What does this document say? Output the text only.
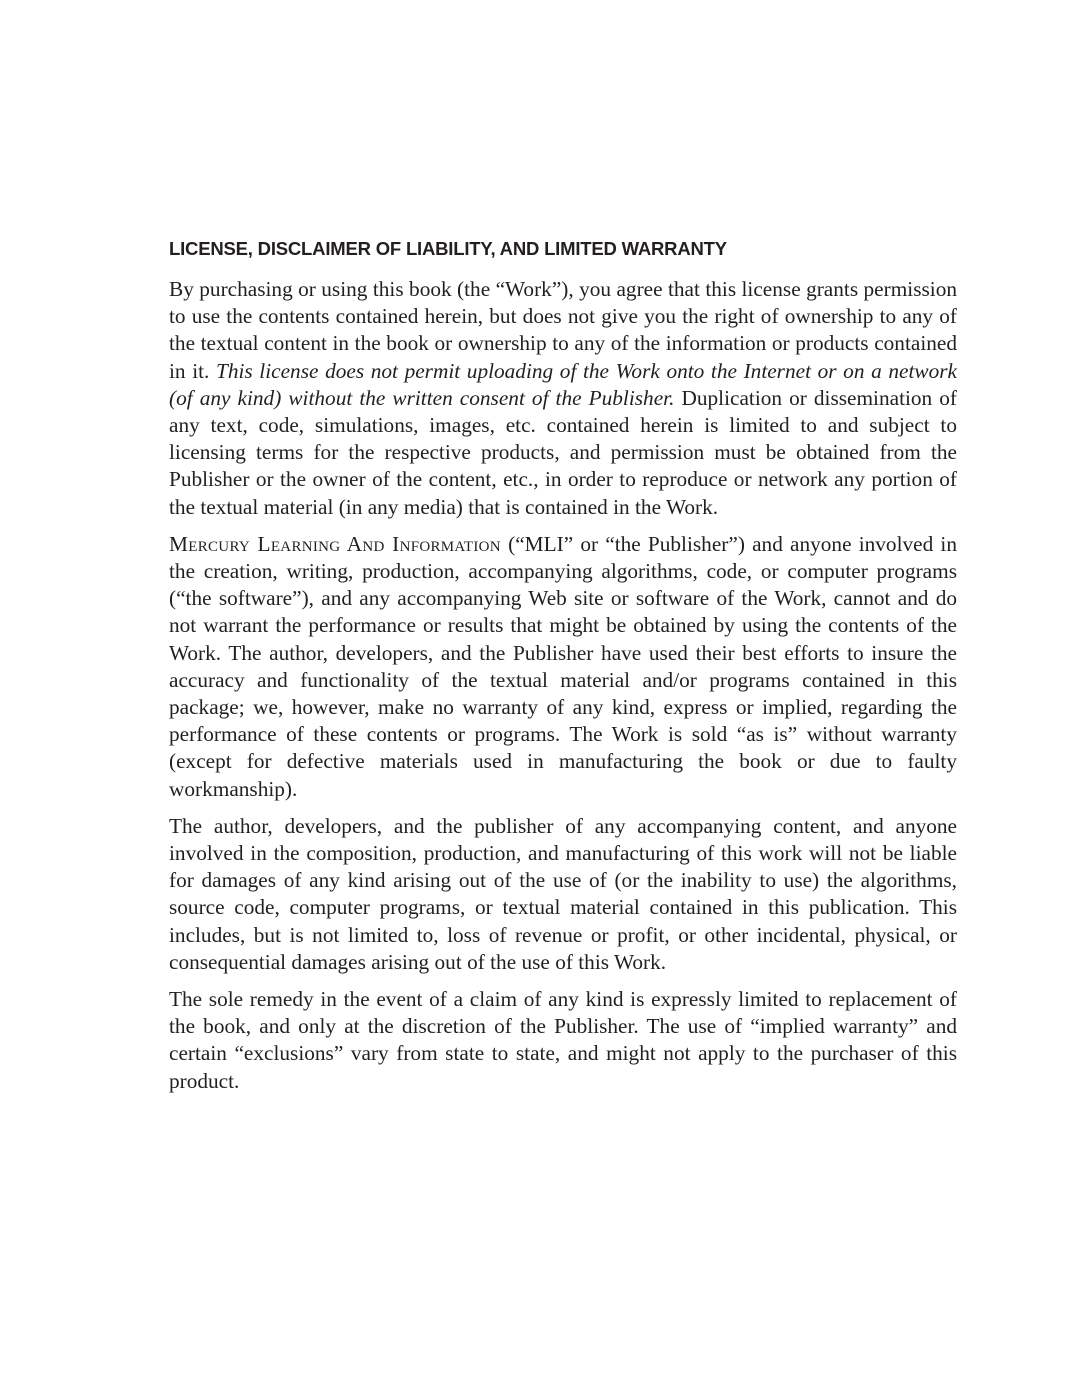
LICENSE, DISCLAIMER OF LIABILITY, AND LIMITED WARRANTY

By purchasing or using this book (the “Work”), you agree that this license grants permission to use the contents contained herein, but does not give you the right of ownership to any of the textual content in the book or ownership to any of the information or products contained in it. This license does not permit uploading of the Work onto the Internet or on a network (of any kind) without the written consent of the Publisher. Duplication or dissemination of any text, code, simulations, images, etc. contained herein is limited to and subject to licensing terms for the respective products, and permission must be obtained from the Publisher or the owner of the content, etc., in order to reproduce or network any portion of the textual material (in any media) that is contained in the Work.

Mercury Learning And Information (“MLI” or “the Publisher”) and anyone involved in the creation, writing, production, accompanying algorithms, code, or computer programs (“the software”), and any accompanying Web site or software of the Work, cannot and do not warrant the performance or results that might be obtained by using the contents of the Work. The author, developers, and the Publisher have used their best efforts to insure the accuracy and functionality of the textual material and/or programs contained in this package; we, however, make no warranty of any kind, express or implied, regarding the performance of these contents or programs. The Work is sold “as is” without warranty (except for defective materials used in manufacturing the book or due to faulty workmanship).

The author, developers, and the publisher of any accompanying content, and anyone involved in the composition, production, and manufacturing of this work will not be liable for damages of any kind arising out of the use of (or the inability to use) the algorithms, source code, computer programs, or textual material contained in this publication. This includes, but is not limited to, loss of revenue or profit, or other incidental, physical, or consequential damages arising out of the use of this Work.

The sole remedy in the event of a claim of any kind is expressly limited to replacement of the book, and only at the discretion of the Publisher. The use of “implied warranty” and certain “exclusions” vary from state to state, and might not apply to the purchaser of this product.
